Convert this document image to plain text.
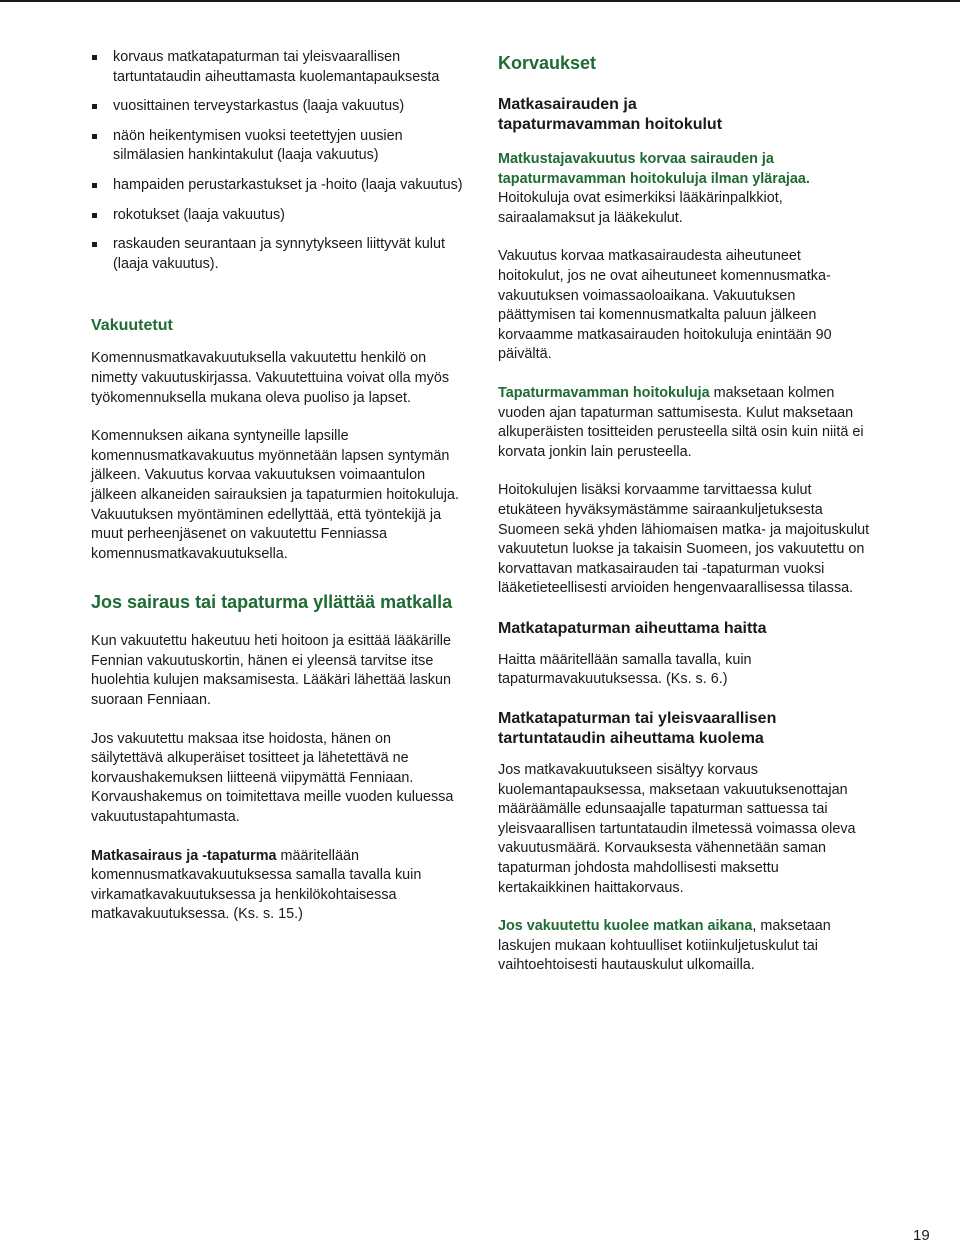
korvaus matkatapaturman tai yleisvaarallisen tartuntataudin aiheuttamasta kuolemantapauksesta
vuosittainen terveystarkastus (laaja vakuutus)
näön heikentymisen vuoksi teetettyjen uusien silmälasien hankintakulut (laaja vakuutus)
hampaiden perustarkastukset ja -hoito (laaja vakuutus)
rokotukset (laaja vakuutus)
raskauden seurantaan ja synnytykseen liittyvät kulut (laaja vakuutus).
Vakuutetut

Komennusmatkavakuutuksella vakuutettu henkilö on nimetty vakuutuskirjassa. Vakuutettuina voivat olla myös työkomennuksella mukana oleva puoliso ja lapset.

Komennuksen aikana syntyneille lapsille komennusmatkavakuutus myönnetään lapsen syntymän jälkeen. Vakuutus korvaa vakuutuksen voimaantulon jälkeen alkaneiden sairauksien ja tapaturmien hoitokuluja. Vakuutuksen myöntäminen edellyttää, että työntekijä ja muut perheenjäsenet on vakuutettu Fenniassa komennusmatkavakuutuksella.

Jos sairaus tai tapaturma yllättää matkalla

Kun vakuutettu hakeutuu heti hoitoon ja esittää lääkärille Fennian vakuutuskortin, hänen ei yleensä tarvitse itse huolehtia kulujen maksamisesta. Lääkäri lähettää laskun suoraan Fenniaan.

Jos vakuutettu maksaa itse hoidosta, hänen on säilytettävä alkuperäiset tositteet ja lähetettävä ne korvaushakemuksen liitteenä viipymättä Fenniaan. Korvaushakemus on toimitettava meille vuoden kuluessa vakuutustapahtumasta.

Matkasairaus ja -tapaturma määritellään komennusmatkavakuutuksessa samalla tavalla kuin virkamatkavakuutuksessa ja henkilökohtaisessa matkavakuutuksessa. (Ks. s. 15.)

Korvaukset
Matkasairauden ja tapaturmavamman hoitokulut

Matkustajavakuutus korvaa sairauden ja tapaturmavamman hoitokuluja ilman ylärajaa. Hoitokuluja ovat esimerkiksi lääkärinpalkkiot, sairaalamaksut ja lääkekulut.

Vakuutus korvaa matkasairaudesta aiheutuneet hoitokulut, jos ne ovat aiheutuneet komennusmatka- vakuutuksen voimassaoloaikana. Vakuutuksen päättymisen tai komennusmatkalta paluun jälkeen korvaamme matkasairauden hoitokuluja enintään 90 päivältä.

Tapaturmavamman hoitokuluja maksetaan kolmen vuoden ajan tapaturman sattumisesta. Kulut maksetaan alkuperäisten tositteiden perusteella siltä osin kuin niitä ei korvata jonkin lain perusteella.

Hoitokulujen lisäksi korvaamme tarvittaessa kulut etukäteen hyväksymästämme sairaankuljetuksesta Suomeen sekä yhden lähiomaisen matka- ja majoituskulut vakuutetun luokse ja takaisin Suomeen, jos vakuutettu on korvattavan matkasairauden tai -tapaturman vuoksi lääketieteellisesti arvioiden hengenvaarallisessa tilassa.

Matkatapaturman aiheuttama haitta

Haitta määritellään samalla tavalla, kuin tapaturmavakuutuksessa. (Ks. s. 6.)

Matkatapaturman tai yleisvaarallisen tartuntataudin aiheuttama kuolema

Jos matkavakuutukseen sisältyy korvaus kuolemantapauksessa, maksetaan vakuutuksenottajan määräämälle edunsaajalle tapaturman sattuessa tai yleisvaarallisen tartuntataudin ilmetessä voimassa oleva vakuutusmäärä. Korvauksesta vähennetään saman tapaturman johdosta mahdollisesti maksettu kertakaikkinen haittakorvaus.

Jos vakuutettu kuolee matkan aikana, maksetaan laskujen mukaan kohtuulliset kotiinkuljetuskulut tai vaihtoehtoisesti hautauskulut ulkomailla.

19
